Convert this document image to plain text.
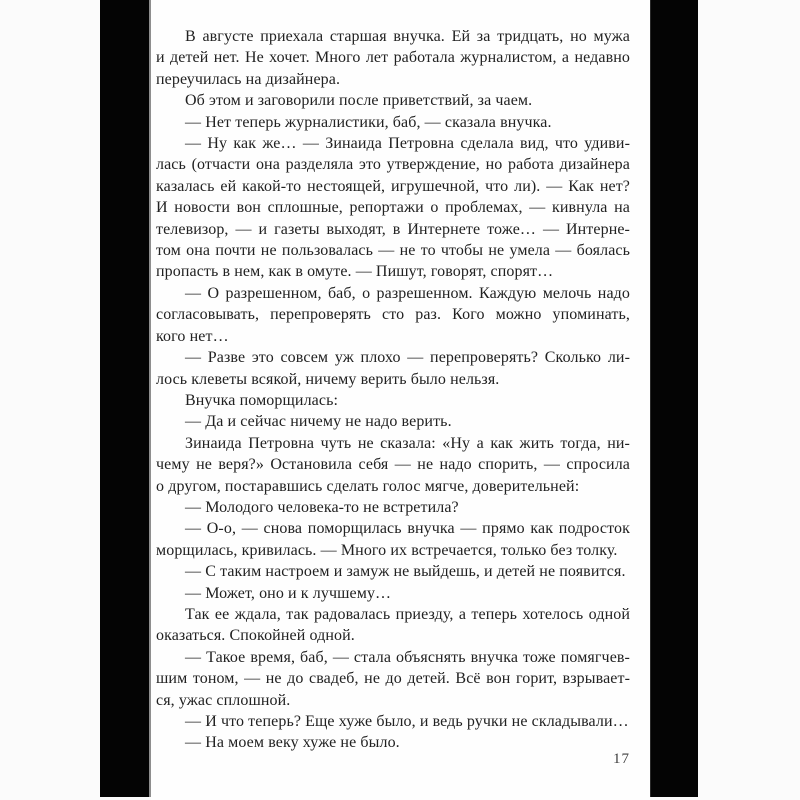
В августе приехала старшая внучка. Ей за тридцать, но мужа
и детей нет. Не хочет. Много лет работала журналистом, а недавно
переучилась на дизайнера.
Об этом и заговорили после приветствий, за чаем.
— Нет теперь журналистики, баб, — сказала внучка.
— Ну как же… — Зинаида Петровна сделала вид, что удиви-
лась (отчасти она разделяла это утверждение, но работа дизайнера
казалась ей какой-то нестоящей, игрушечной, что ли). — Как нет?
И новости вон сплошные, репортажи о проблемах, — кивнула на
телевизор, — и газеты выходят, в Интернете тоже… — Интерне-
том она почти не пользовалась — не то чтобы не умела — боялась
пропасть в нем, как в омуте. — Пишут, говорят, спорят…
— О разрешенном, баб, о разрешенном. Каждую мелочь надо
согласовывать, перепроверять сто раз. Кого можно упоминать,
кого нет…
— Разве это совсем уж плохо — перепроверять? Сколько ли-
лось клеветы всякой, ничему верить было нельзя.
Внучка поморщилась:
— Да и сейчас ничему не надо верить.
Зинаида Петровна чуть не сказала: «Ну а как жить тогда, ни-
чему не веря?» Остановила себя — не надо спорить, — спросила
о другом, постаравшись сделать голос мягче, доверительней:
— Молодого человека-то не встретила?
— О-о, — снова поморщилась внучка — прямо как подросток
морщилась, кривилась. — Много их встречается, только без толку.
— С таким настроем и замуж не выйдешь, и детей не появится.
— Может, оно и к лучшему…
Так ее ждала, так радовалась приезду, а теперь хотелось одной
оказаться. Спокойней одной.
— Такое время, баб, — стала объяснять внучка тоже помягчев-
шим тоном, — не до свадеб, не до детей. Всё вон горит, взрывает-
ся, ужас сплошной.
— И что теперь? Еще хуже было, и ведь ручки не складывали…
— На моем веку хуже не было.
17
